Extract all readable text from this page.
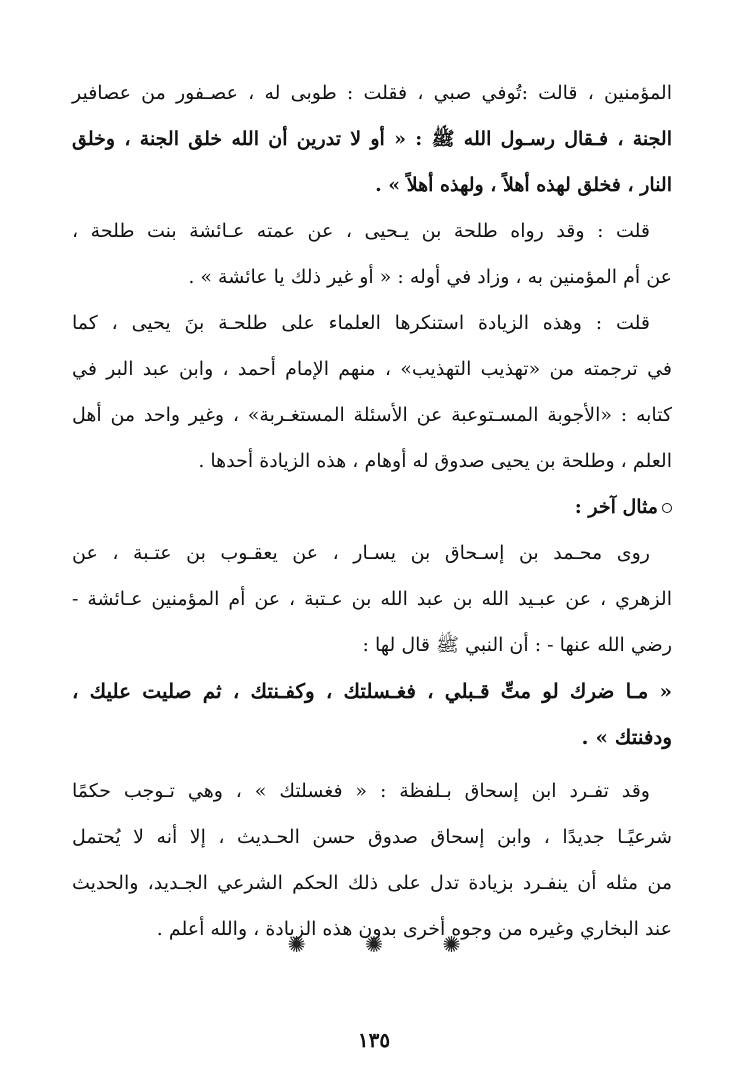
المؤمنين ، قالت :تُوفي صبي ، فقلت : طوبى له ، عصـفور من عصافير
الجنة ، فـقال رسـول الله ﷺ : « أو لا تدرين أن الله خلق الجنة ، وخلق
النار ، فخلق لهذه أهلاً ، ولهذه أهلاً » .
قلت : وقد رواه طلحة بن يـحيى ، عن عمته عـائشة بنت طلحة ،
عن أم المؤمنين به ، وزاد في أوله : « أو غير ذلك يا عائشة » .
قلت : وهذه الزيادة استنكرها العلماء على طلحـة بنَ يحيى ، كما
في ترجمته من «تهذيب التهذيب» ، منهم الإمام أحمد ، وابن عبد البر في
كتابه : «الأجوبة المسـتوعبة عن الأسئلة المستغـربة» ، وغير واحد من أهل
العلم ، وطلحة بن يحيى صدوق له أوهام ، هذه الزيادة أحدها .
مثال آخر :
روى محـمد بن إسـحاق بن يسـار ، عن يعقـوب بن عتـبة ، عن
الزهري ، عن عبـيد الله بن عبد الله بن عـتبة ، عن أم المؤمنين عـائشة -
رضي الله عنها - : أن النبي ﷺ قال لها :
« مـا ضرك لو متِّ قـبلي ، فغـسلتك ، وكفـنتك ، ثم صليت عليك ،
ودفنتك » .
وقد تفـرد ابن إسحاق بـلفظة : « فغسلتك » ، وهي تـوجب حكمًا
شرعيًـا جديدًا ، وابن إسحاق صدوق حسن الحـديث ، إلا أنه لا يُحتمل
من مثله أن ينفـرد بزيادة تدل على ذلك الحكم الشرعي الجـديد، والحديث
عند البخاري وغيره من وجوه أخرى بدون هذه الزيادة ، والله أعلم .
✺	✺	✺
١٣٥
